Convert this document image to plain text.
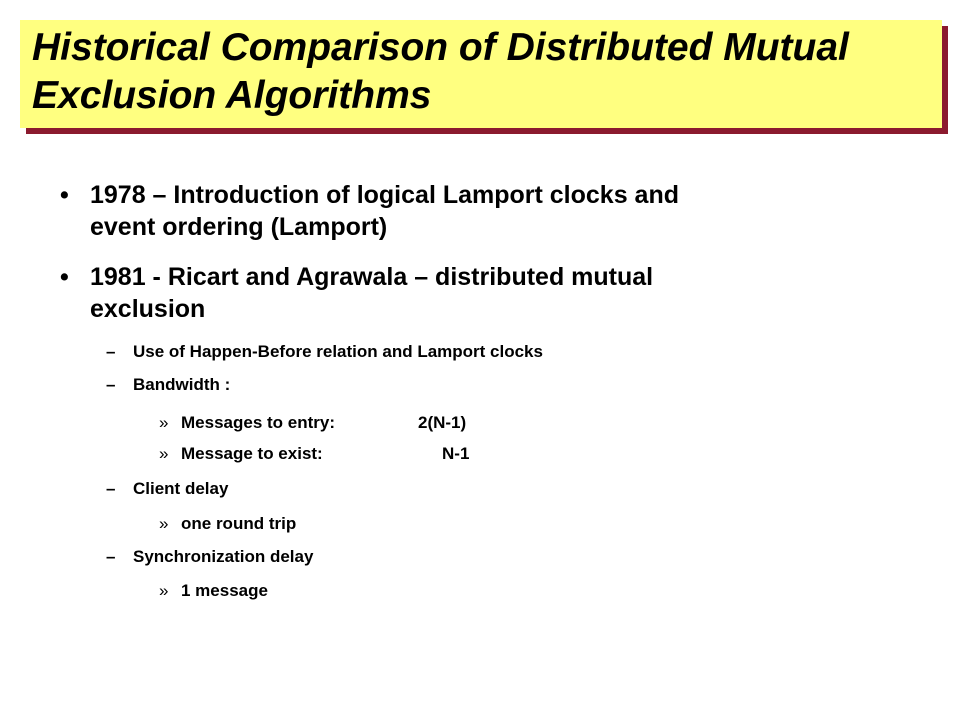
Historical Comparison of Distributed Mutual

Exclusion Algorithms

• 1978 – Introduction of logical Lamport clocks and
event ordering (Lamport)
• 1981 - Ricart and Agrawala – distributed mutual
exclusion
– Use of Happen-Before relation and Lamport clocks
– Bandwidth :
» Messages to entry:	2(N-1)
» Message to exist:	N-1
– Client delay
» one round trip
– Synchronization delay
» 1 message
